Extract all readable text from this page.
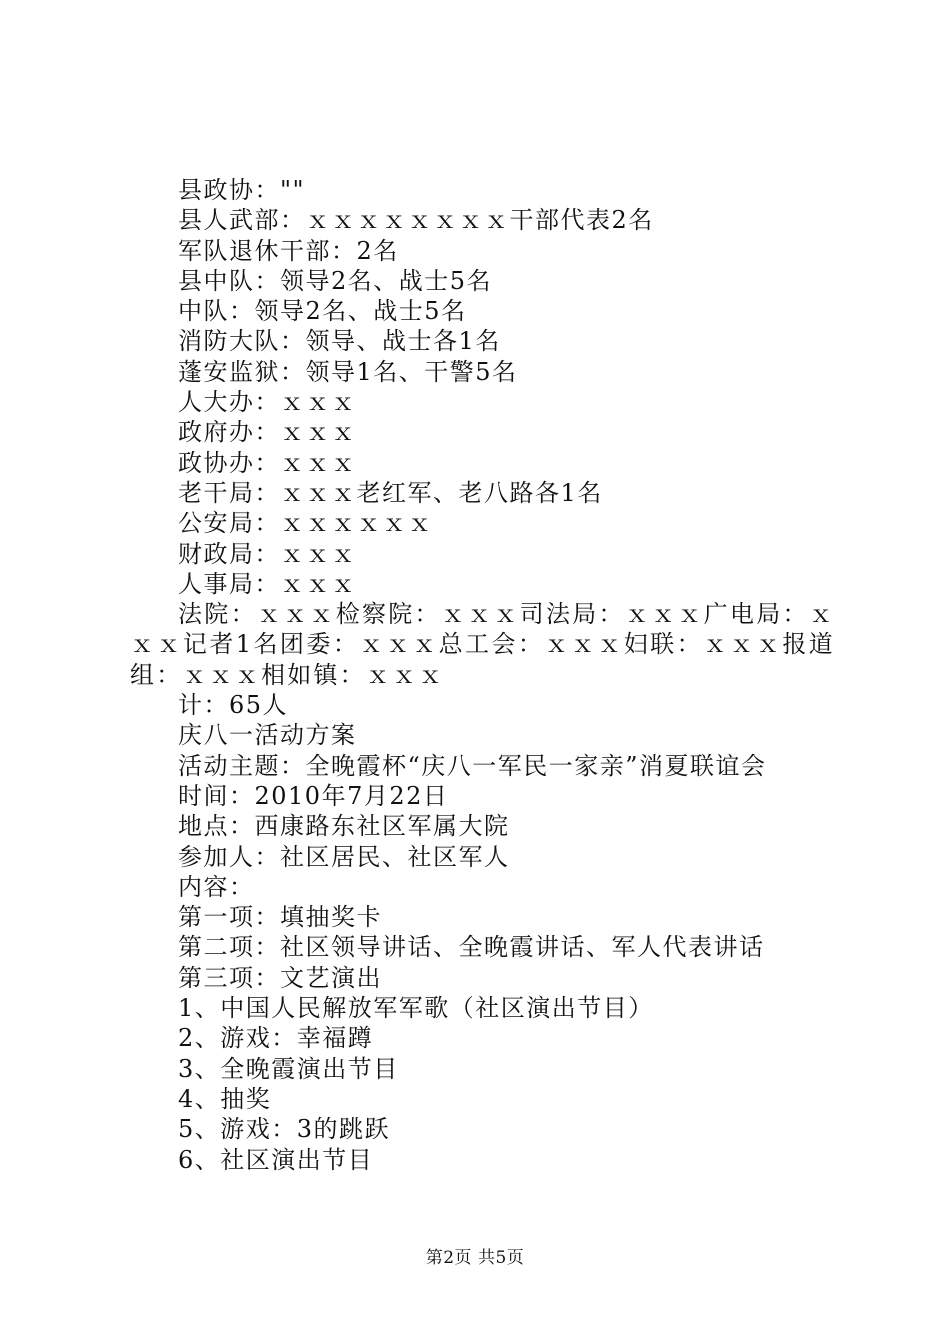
县政协：""
县人武部：ｘｘｘｘｘｘｘｘ干部代表2名
军队退休干部：2名
县中队：领导2名、战士5名
中队：领导2名、战士5名
消防大队：领导、战士各1名
蓬安监狱：领导1名、干警5名
人大办：ｘｘｘ
政府办：ｘｘｘ
政协办：ｘｘｘ
老干局：ｘｘｘ老红军、老八路各1名
公安局：ｘｘｘｘｘｘ
财政局：ｘｘｘ
人事局：ｘｘｘ
法院：ｘｘｘ检察院：ｘｘｘ司法局：ｘｘｘ广电局：ｘｘｘ记者1名团委：ｘｘｘ总工会：ｘｘｘ妇联：ｘｘｘ报道组：ｘｘｘ相如镇：ｘｘｘ
计：65人
庆八一活动方案
活动主题：全晚霞杯“庆八一军民一家亲”消夏联谊会
时间：2010年7月22日
地点：西康路东社区军属大院
参加人：社区居民、社区军人
内容：
第一项：填抽奖卡
第二项：社区领导讲话、全晚霞讲话、军人代表讲话
第三项：文艺演出
1、中国人民解放军军歌（社区演出节目）
2、游戏：幸福蹲
3、全晚霞演出节目
4、抽奖
5、游戏：3的跳跃
6、社区演出节目
第2页 共5页
